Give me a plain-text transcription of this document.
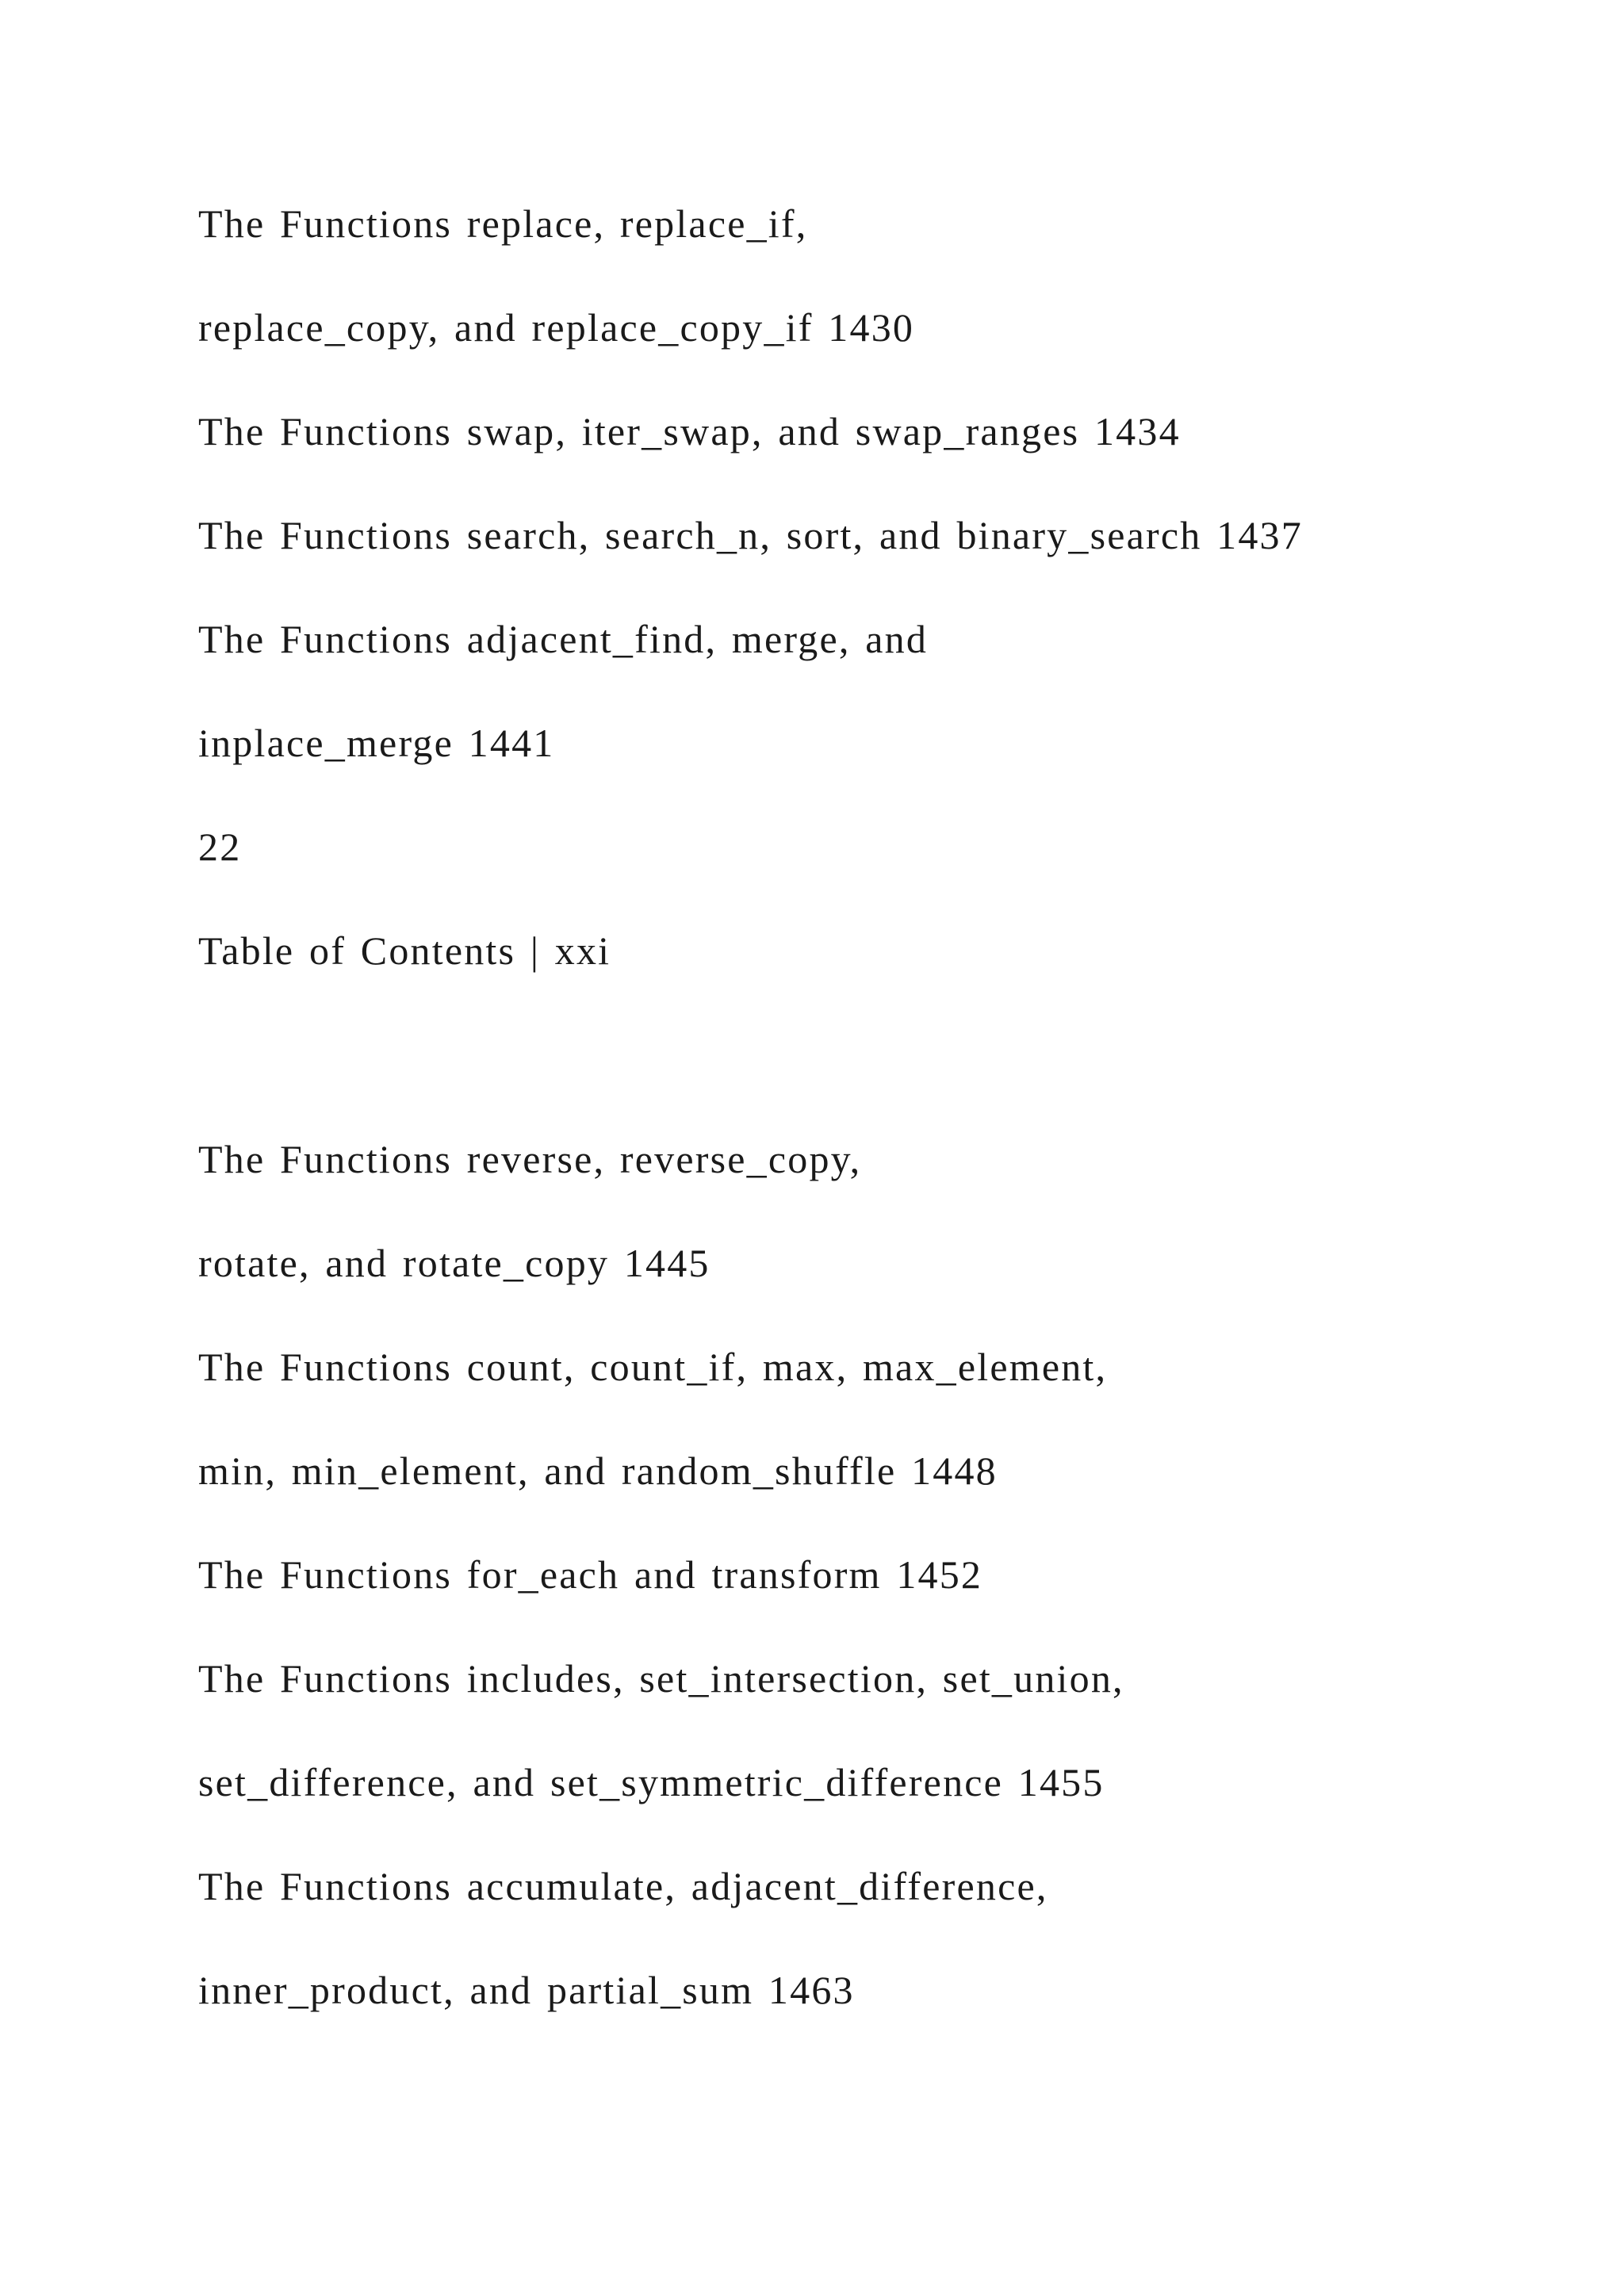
The Functions replace, replace_if,

replace_copy, and replace_copy_if 1430

The Functions swap, iter_swap, and swap_ranges 1434

The Functions search, search_n, sort, and binary_search 1437

The Functions adjacent_find, merge, and

inplace_merge 1441

22

Table of Contents | xxi

The Functions reverse, reverse_copy,

rotate, and rotate_copy 1445

The Functions count, count_if, max, max_element,

min, min_element, and random_shuffle 1448

The Functions for_each and transform 1452

The Functions includes, set_intersection, set_union,

set_difference, and set_symmetric_difference 1455

The Functions accumulate, adjacent_difference,

inner_product, and partial_sum 1463
